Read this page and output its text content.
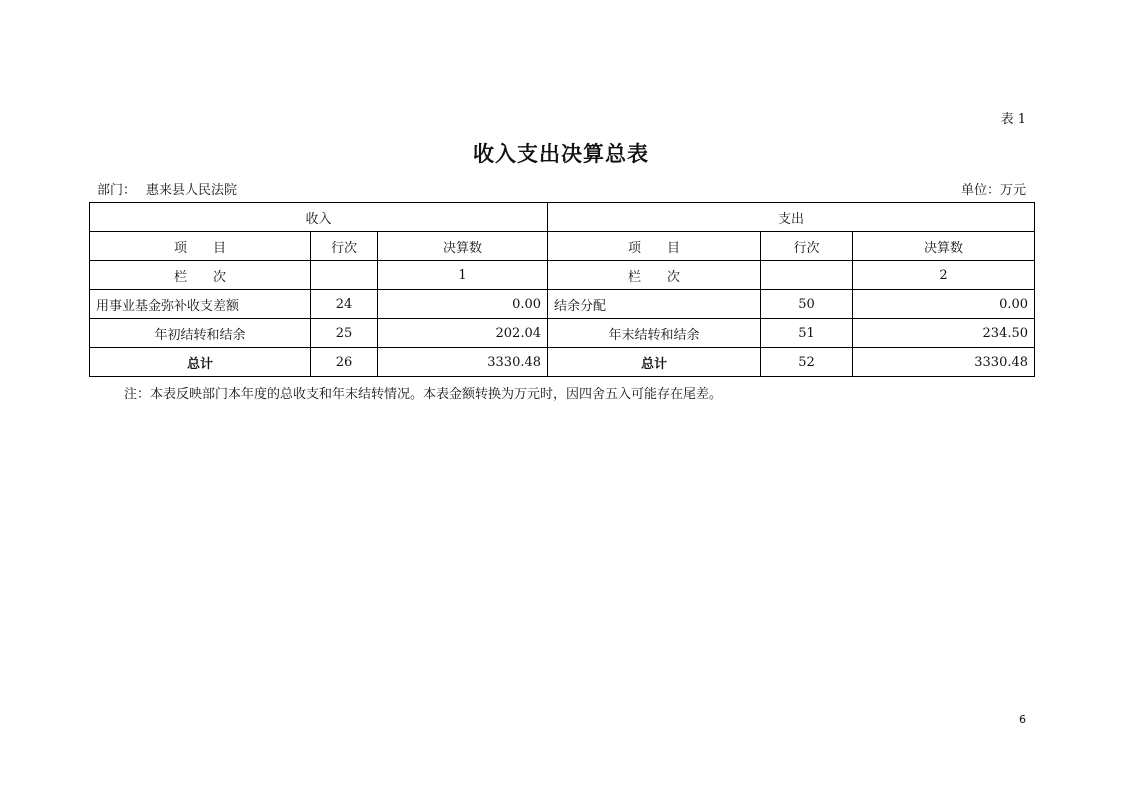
表 1
收入支出决算总表
部门： 惠来县人民法院	单位：万元
收入			支出		
项　　目	行次	决算数	项　　目	行次	决算数
栏　　次		1	栏　　次		2
用事业基金弥补收支差额	24	0.00	结余分配	50	0.00
年初结转和结余	25	202.04	年末结转和结余	51	234.50
总计	26	3330.48	总计	52	3330.48
注：本表反映部门本年度的总收支和年末结转情况。本表金额转换为万元时，因四舍五入可能存在尾差。
6
